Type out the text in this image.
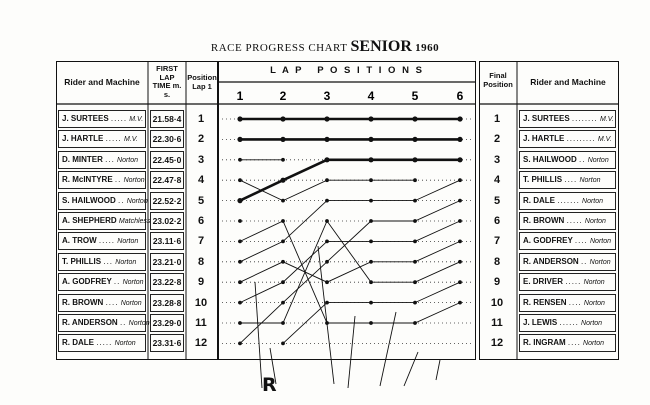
RACE PROGRESS CHART SENIOR 1960
Rider and Machine
FIRST LAP TIME m. s.
Position Lap 1
L A P   P O S I T I O N S	Final Position	Rider and Machine
J. SURTEES ..... M.V.	21.58·4	1
J. HARTLE ..... M.V.	22.30·6	2
D. MINTER ... Norton	22.45·0	3
R. McINTYRE .. Norton 22.47·8	4
S. HAILWOOD .. Norton 22.52·2	5
A. SHEPHERD Matchless 23.02·2	6
A. TROW ..... Norton	23.11·6	7
T. PHILLIS ... Norton	23.21·0	8
A. GODFREY .. Norton	23.22·8	9
R. BROWN .... Norton	23.28·8	10
R. ANDERSON .. Norton 23.29·0	11
R. DALE ..... Norton	23.31·6	12
1	J. SURTEES ........ M.V.
2	J. HARTLE ......... M.V.
3	S. HAILWOOD .. Norton
4	T. PHILLIS .... Norton
5	R. DALE ....... Norton
6	R. BROWN ..... Norton
7	A. GODFREY .... Norton
8	R. ANDERSON .. Norton
9	E. DRIVER ..... Norton
10	R. RENSEN .... Norton
11	J. LEWIS ...... Norton
12	R. INGRAM .... Norton
1	2	3	4	5	6
R
